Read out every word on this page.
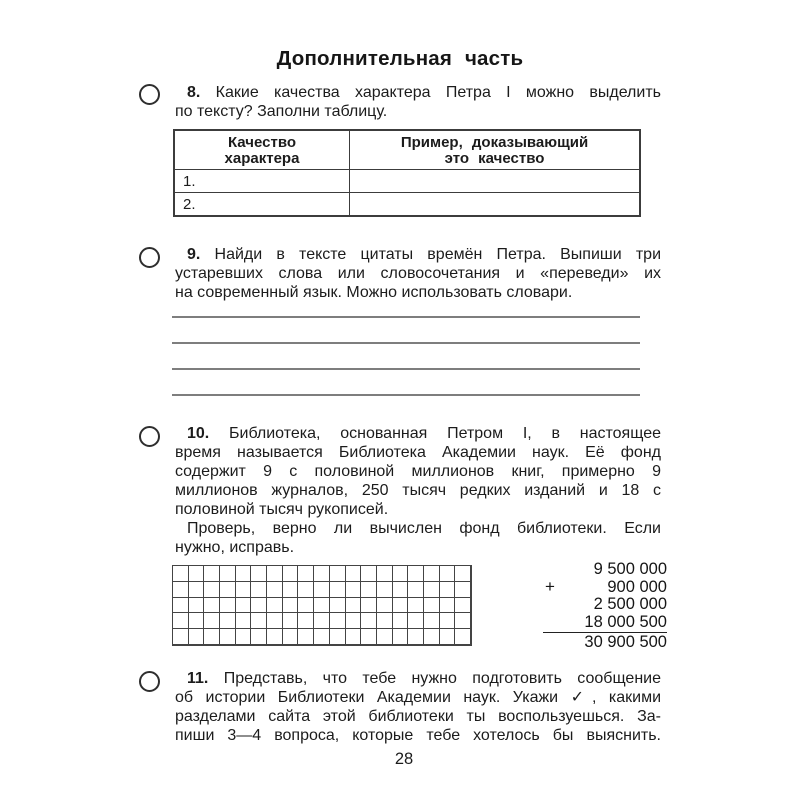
Дополнительная часть
8. Какие качества характера Петра I можно выделить
по тексту? Заполни таблицу.
Качество
характера
Пример, доказывающий
это качество
1.
2.
9. Найди в тексте цитаты времён Петра. Выпиши три
устаревших слова или словосочетания и «переведи» их
на современный язык. Можно использовать словари.
10. Библиотека, основанная Петром I, в настоящее
время называется Библиотека Академии наук. Её фонд
содержит 9 с половиной миллионов книг, примерно 9
миллионов журналов, 250 тысяч редких изданий и 18 с
половиной тысяч рукописей.
Проверь, верно ли вычислен фонд библиотеки. Если
нужно, исправь.
+
9 500 000
900 000
2 500 000
18 000 500
30 900 500
11. Представь, что тебе нужно подготовить сообщение
об истории Библиотеки Академии наук. Укажи ✓, какими
разделами сайта этой библиотеки ты воспользуешься. За-
пиши 3—4 вопроса, которые тебе хотелось бы выяснить.
28
